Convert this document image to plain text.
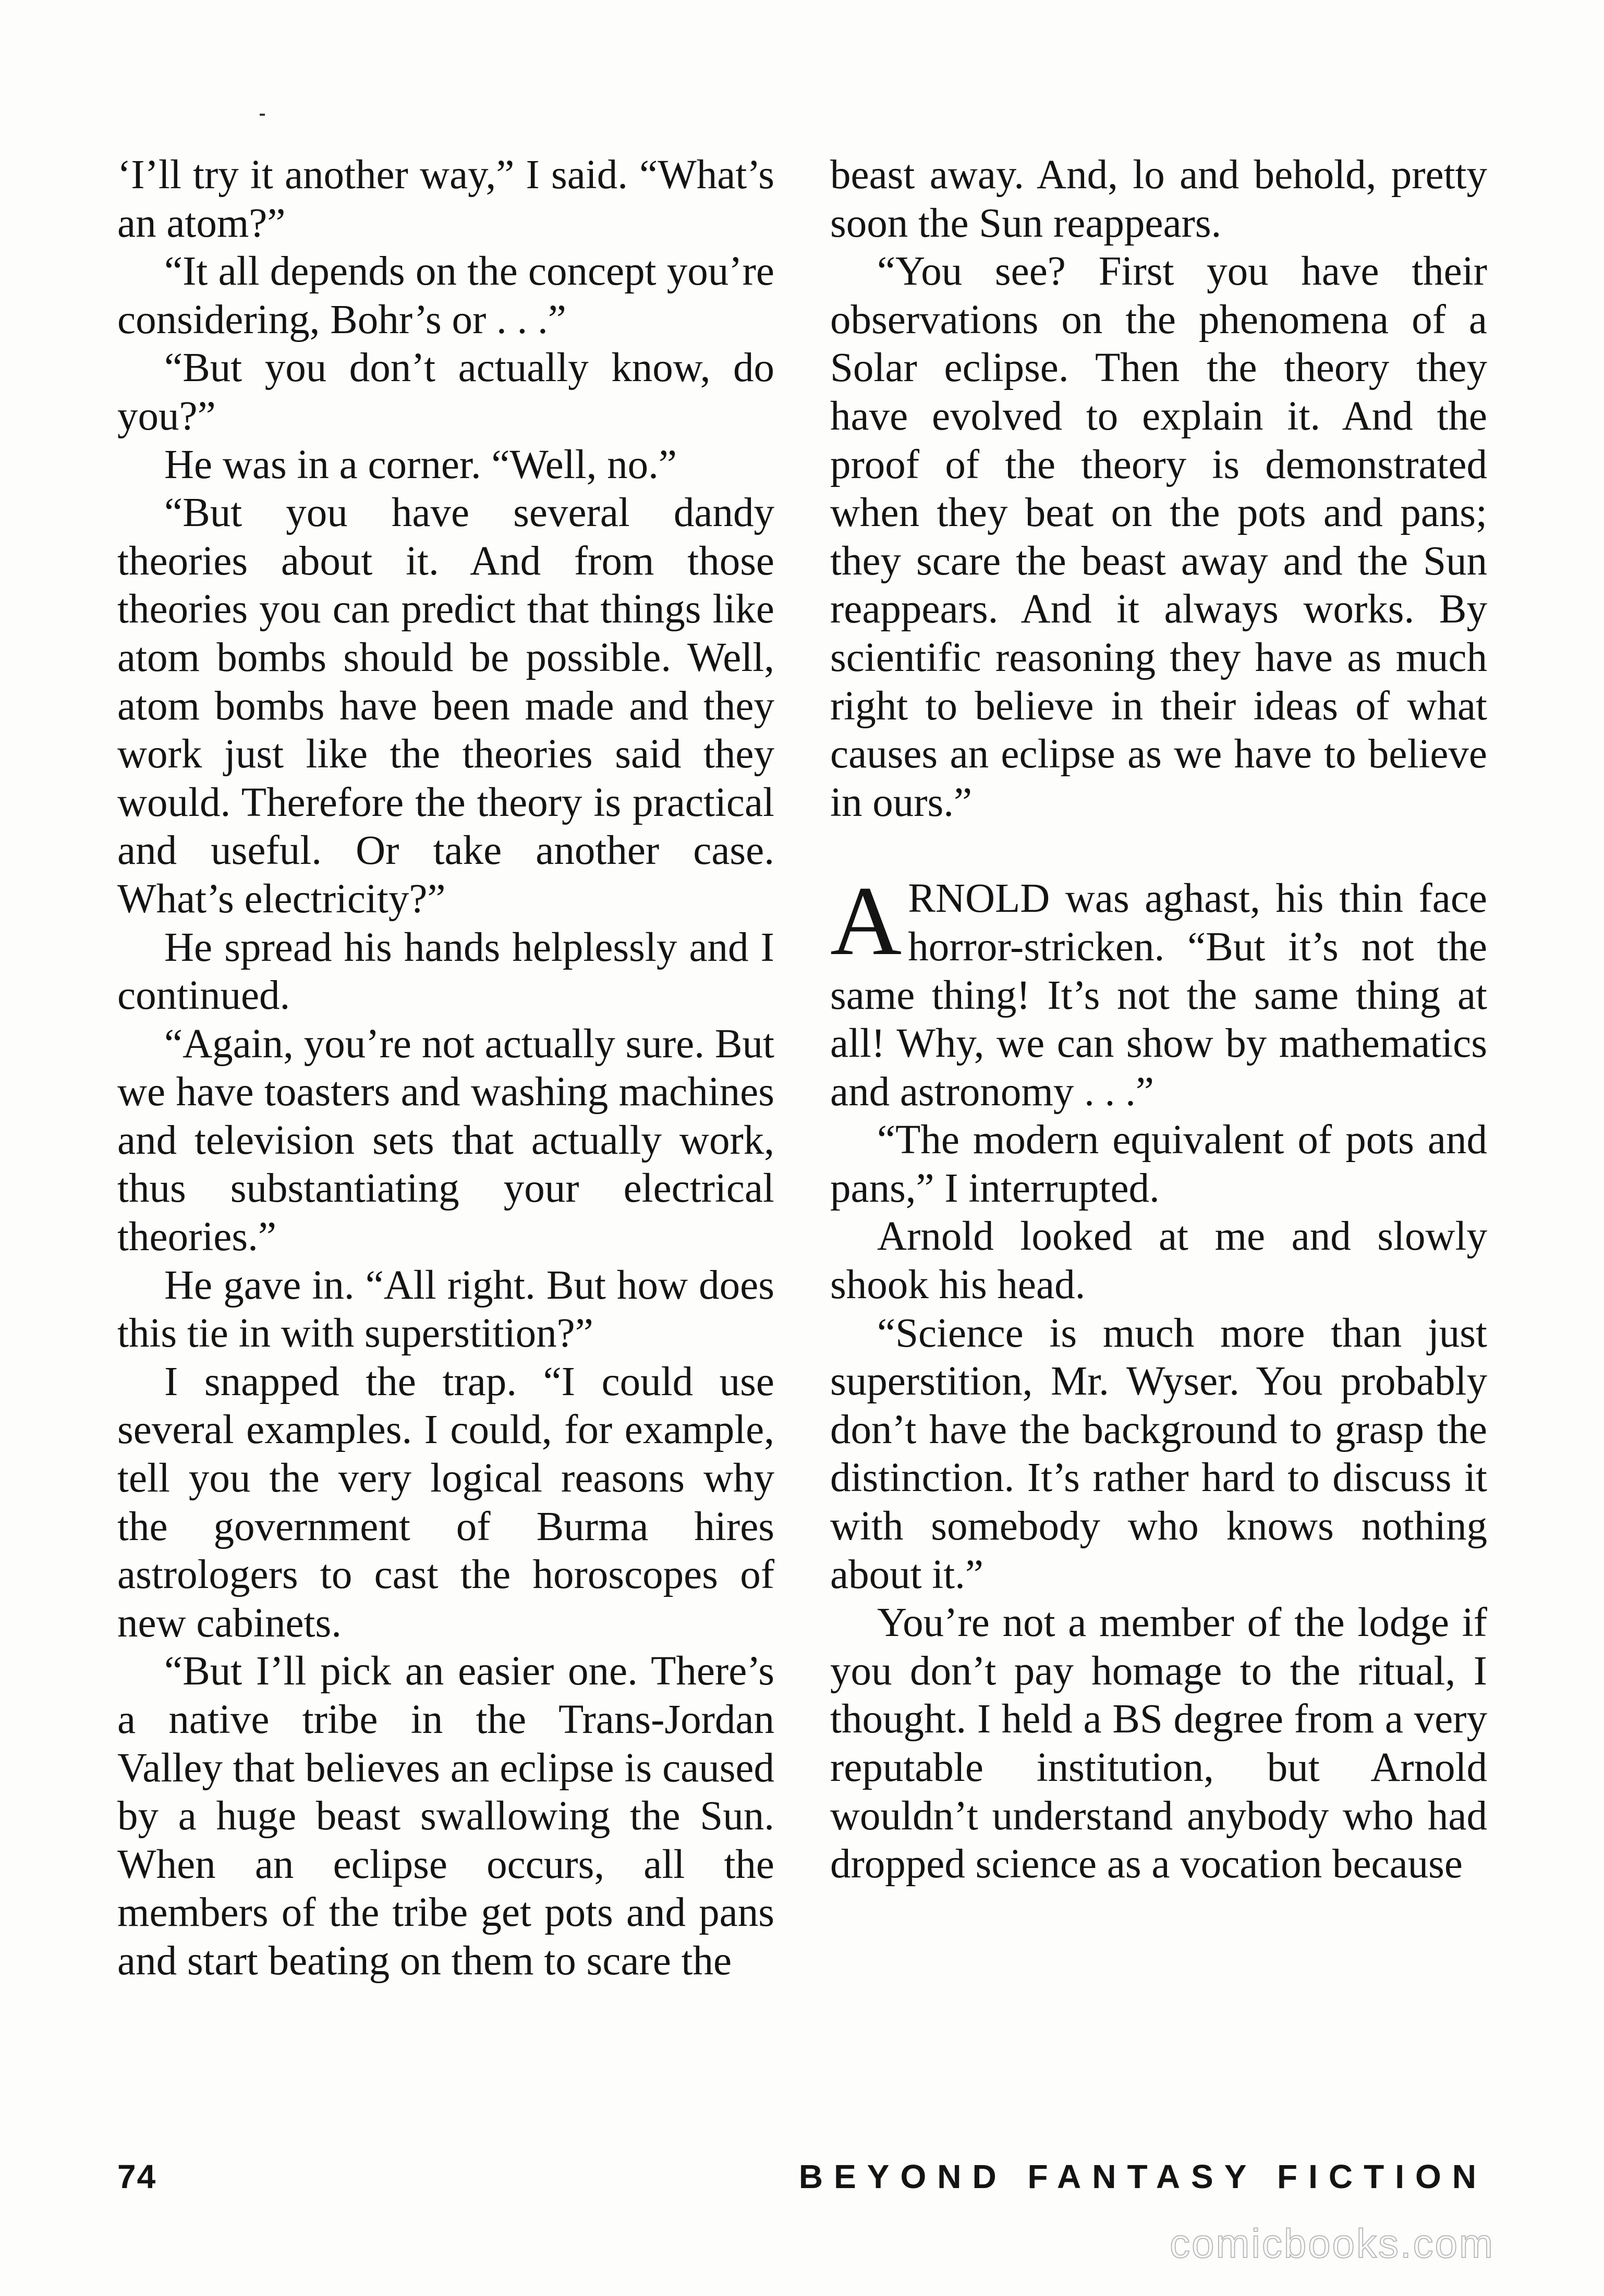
‘I’ll try it another way,” I said. “What’s an atom?”

“It all depends on the concept you’re considering, Bohr’s or . . .”

“But you don’t actually know, do you?”

He was in a corner. “Well, no.”

“But you have several dandy theories about it. And from those theories you can predict that things like atom bombs should be possible. Well, atom bombs have been made and they work just like the theories said they would. Therefore the theory is practical and useful. Or take another case. What’s electricity?”

He spread his hands helplessly and I continued.

“Again, you’re not actually sure. But we have toasters and washing machines and television sets that actually work, thus substantiating your electrical theories.”

He gave in. “All right. But how does this tie in with superstition?”

I snapped the trap. “I could use several examples. I could, for example, tell you the very logical reasons why the government of Burma hires astrologers to cast the horoscopes of new cabinets.

“But I’ll pick an easier one. There’s a native tribe in the Trans-Jordan Valley that believes an eclipse is caused by a huge beast swallowing the Sun. When an eclipse occurs, all the members of the tribe get pots and pans and start beating on them to scare the

beast away. And, lo and behold, pretty soon the Sun reappears.

“You see? First you have their observations on the phenomena of a Solar eclipse. Then the theory they have evolved to explain it. And the proof of the theory is demonstrated when they beat on the pots and pans; they scare the beast away and the Sun reappears. And it always works. By scientific reasoning they have as much right to believe in their ideas of what causes an eclipse as we have to believe in ours.”

ARNOLD was aghast, his thin face horror-stricken. “But it’s not the same thing! It’s not the same thing at all! Why, we can show by mathematics and astronomy . . .”

“The modern equivalent of pots and pans,” I interrupted.

Arnold looked at me and slowly shook his head.

“Science is much more than just superstition, Mr. Wyser. You probably don’t have the background to grasp the distinction. It’s rather hard to discuss it with somebody who knows nothing about it.”

You’re not a member of the lodge if you don’t pay homage to the ritual, I thought. I held a BS degree from a very reputable institution, but Arnold wouldn’t understand anybody who had dropped science as a vocation because

74	BEYOND FANTASY FICTION
comicbooks.com
